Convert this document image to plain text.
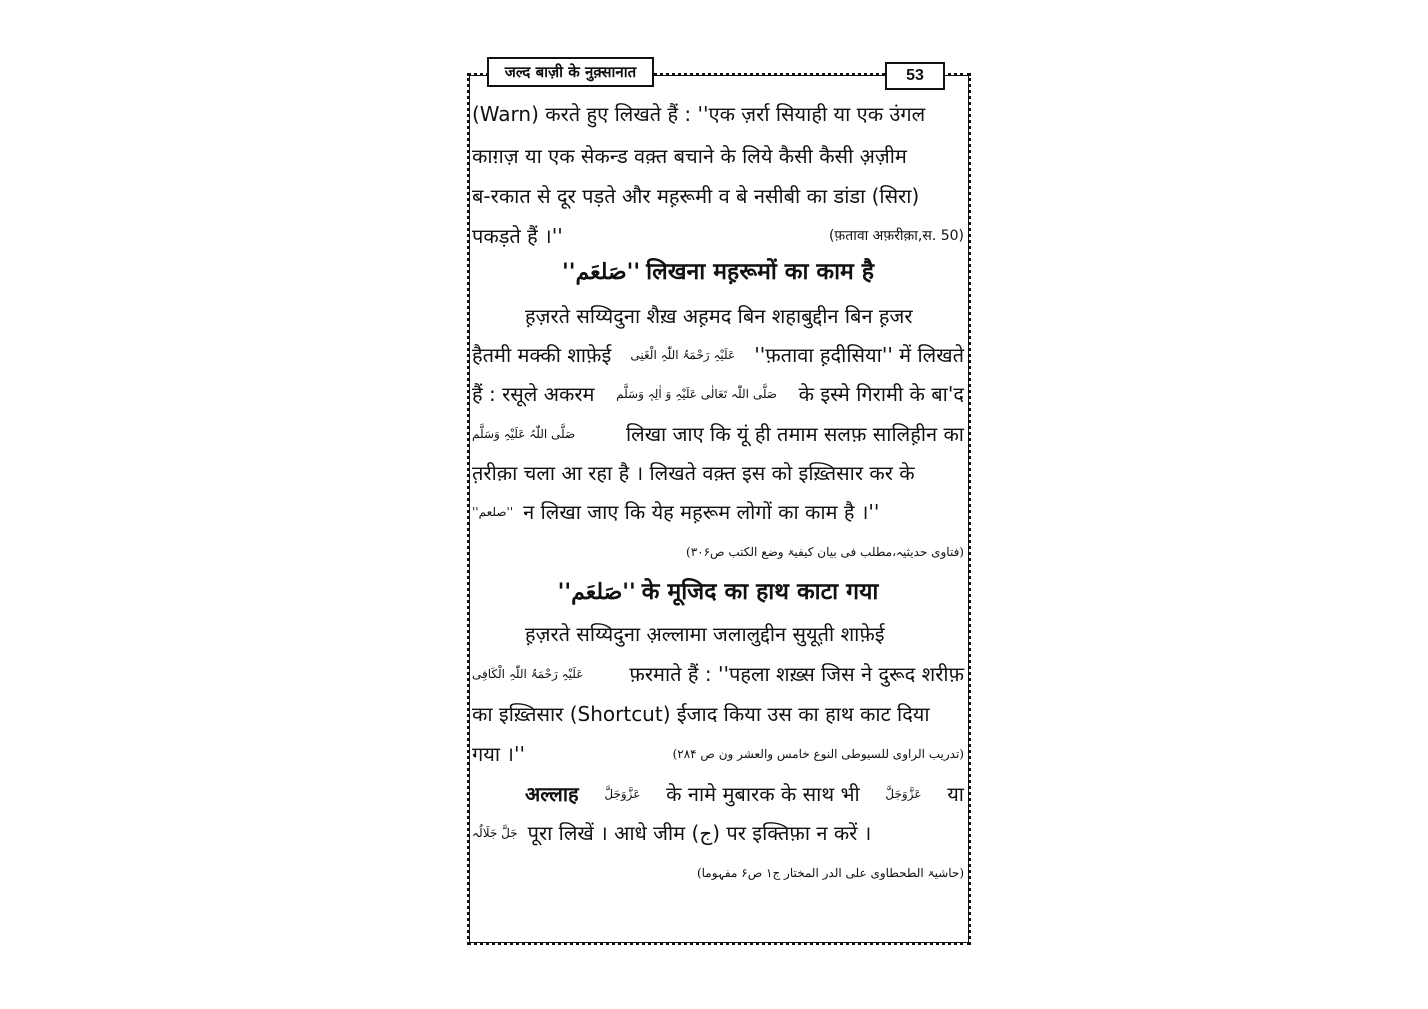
जल्द बाज़ी के नुक़्सानात	53
(Warn) करते हुए लिखते हैं : ''एक ज़र्रा सियाही या एक उंगल
काग़ज़ या एक सेकन्ड वक़्त बचाने के लिये कैसी कैसी अ़ज़ीम
ब-रकात से दूर पड़ते और मह़रूमी व बे नसीबी का डांडा (सिरा)
पकड़ते हैं ।''	(फ़तावा अफ़रीक़ा,स. 50)
''صَلعَم'' लिखना मह़रूमों का काम है
ह़ज़रते सय्यिदुना शैख़ अह़मद बिन शहाबुद्दीन बिन ह़जर
हैतमी मक्की शाफ़ेई عَلَیْہِ رَحْمَۃُ اللّٰہِ الْغَنِی ''फ़तावा ह़दीसिया'' में लिखते
हैं : रसूले अकरम صَلَّی اللّٰہ تَعَالٰی عَلَیْہِ وَ اٰلِہٖ وَسَلَّم के इस्मे गिरामी के बा'द
صَلَّی اللّٰہُ عَلَیْہِ وَسَلَّم	लिखा जाए कि यूं ही तमाम सलफ़ सालिह़ीन का
त़रीक़ा चला आ रहा है । लिखते वक़्त इस को इख़्तिसार कर के
''صلعم'' न लिखा जाए कि येह मह़रूम लोगों का काम है ।''
(فتاوی حدیثیہ،مطلب فی بیان کیفیۃ وضع الکتب ص۳۰۶)
''صَلعَم'' के मूजिद का हाथ काटा गया
ह़ज़रते सय्यिदुना अ़ल्लामा जलालुद्दीन सुयूत़ी शाफ़ेई
عَلَیْہِ رَحْمَۃُ اللّٰہِ الْکَافِی फ़रमाते हैं : ''पहला शख़्स जिस ने दुरूद शरीफ़
का इख़्तिसार (Shortcut) ईजाद किया उस का हाथ काट दिया
गया ।''	(تدریب الراوی للسیوطی النوع خامس والعشر ون ص ۲۸۴)
अल्लाह عَزَّوَجَلَّ के नामे मुबारक के साथ भी عَزَّوَجَلَّ या
جَلَّ جَلَالُہ पूरा लिखें । आधे जीम (ج) पर इक्तिफ़ा न करें ।
(حاشیۃ الطحطاوی علی الدر المختار ج۱ ص۶ مفہوما)
